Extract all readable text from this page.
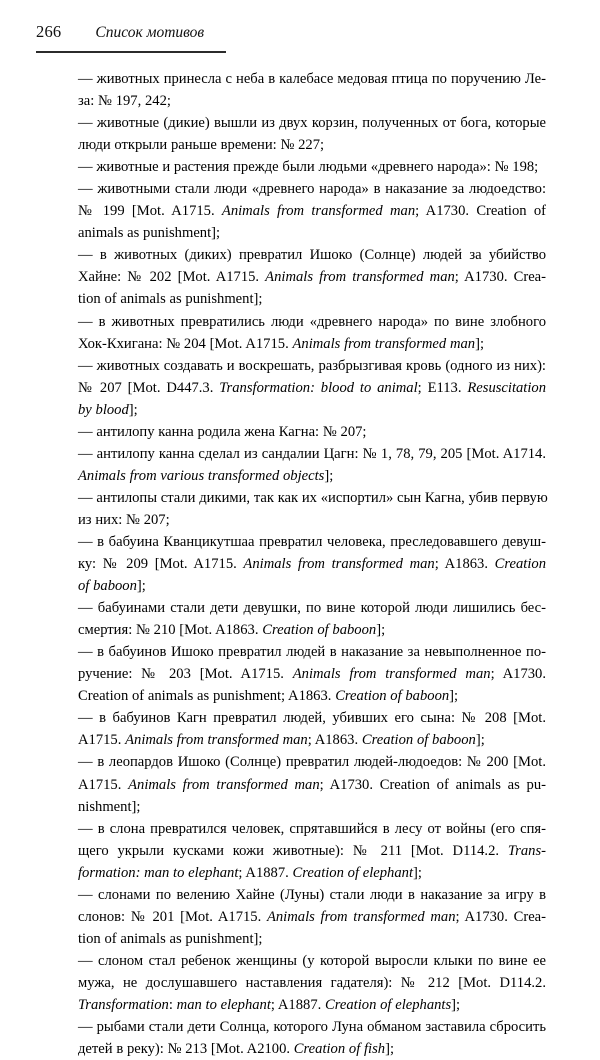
266 Список мотивов

— животных принесла с неба в калебасе медовая птица по поручению Ле-
за: № 197, 242;

— животные (дикие) вышли из двух корзин, полученных от бога, которые
люди открыли раньше времени: № 227;

— животные и растения прежде были людьми «древнего народа»: № 198;

— животными стали люди «древнего народа» в наказание за людоедство:
№ 199 [Mot. A1715. Animals from transformed man; A1730. Creation of
animals as punishment];

— в животных (диких) превратил Ишоко (Солнце) людей за убийство
Хайне: № 202 [Mot. A1715. Animals from transformed man; A1730. Crea-
tion of animals as punishment];

— в животных превратились люди «древнего народа» по вине злобного
Хок-Кхигана: № 204 [Mot. A1715. Animals from transformed man];

— животных создавать и воскрешать, разбрызгивая кровь (одного из них):
№ 207 [Mot. D447.3. Transformation: blood to animal; E113. Resuscitation
by blood];

— антилопу канна родила жена Кагна: № 207;

— антилопу канна сделал из сандалии Цагн: № 1, 78, 79, 205 [Mot. A1714.
Animals from various transformed objects];

— антилопы стали дикими, так как их «испортил» сын Кагна, убив первую
из них: № 207;

— в бабуина Кванцикутшаа превратил человека, преследовавшего девуш-
ку: № 209 [Mot. A1715. Animals from transformed man; A1863. Creation
of baboon];

— бабуинами стали дети девушки, по вине которой люди лишились бес-
смертия: № 210 [Mot. A1863. Creation of baboon];

— в бабуинов Ишоко превратил людей в наказание за невыполненное по-
ручение: № 203 [Mot. A1715. Animals from transformed man; A1730.
Creation of animals as punishment; A1863. Creation of baboon];

— в бабуинов Кагн превратил людей, убивших его сына: № 208 [Mot.
A1715. Animals from transformed man; A1863. Creation of baboon];

— в леопардов Ишоко (Солнце) превратил людей-людоедов: № 200 [Mot.
A1715. Animals from transformed man; A1730. Creation of animals as pu-
nishment];

— в слона превратился человек, спрятавшийся в лесу от войны (его спя-
щего укрыли кусками кожи животные): № 211 [Mot. D114.2. Trans-
formation: man to elephant; A1887. Creation of elephant];

— слонами по велению Хайне (Луны) стали люди в наказание за игру в
слонов: № 201 [Mot. A1715. Animals from transformed man; A1730. Crea-
tion of animals as punishment];

— слоном стал ребенок женщины (у которой выросли клыки по вине ее
мужа, не дослушавшего наставления гадателя): № 212 [Mot. D114.2.
Transformation: man to elephant; A1887. Creation of elephants];

— рыбами стали дети Солнца, которого Луна обманом заставила сбросить
детей в реку): № 213 [Mot. A2100. Creation of fish];
